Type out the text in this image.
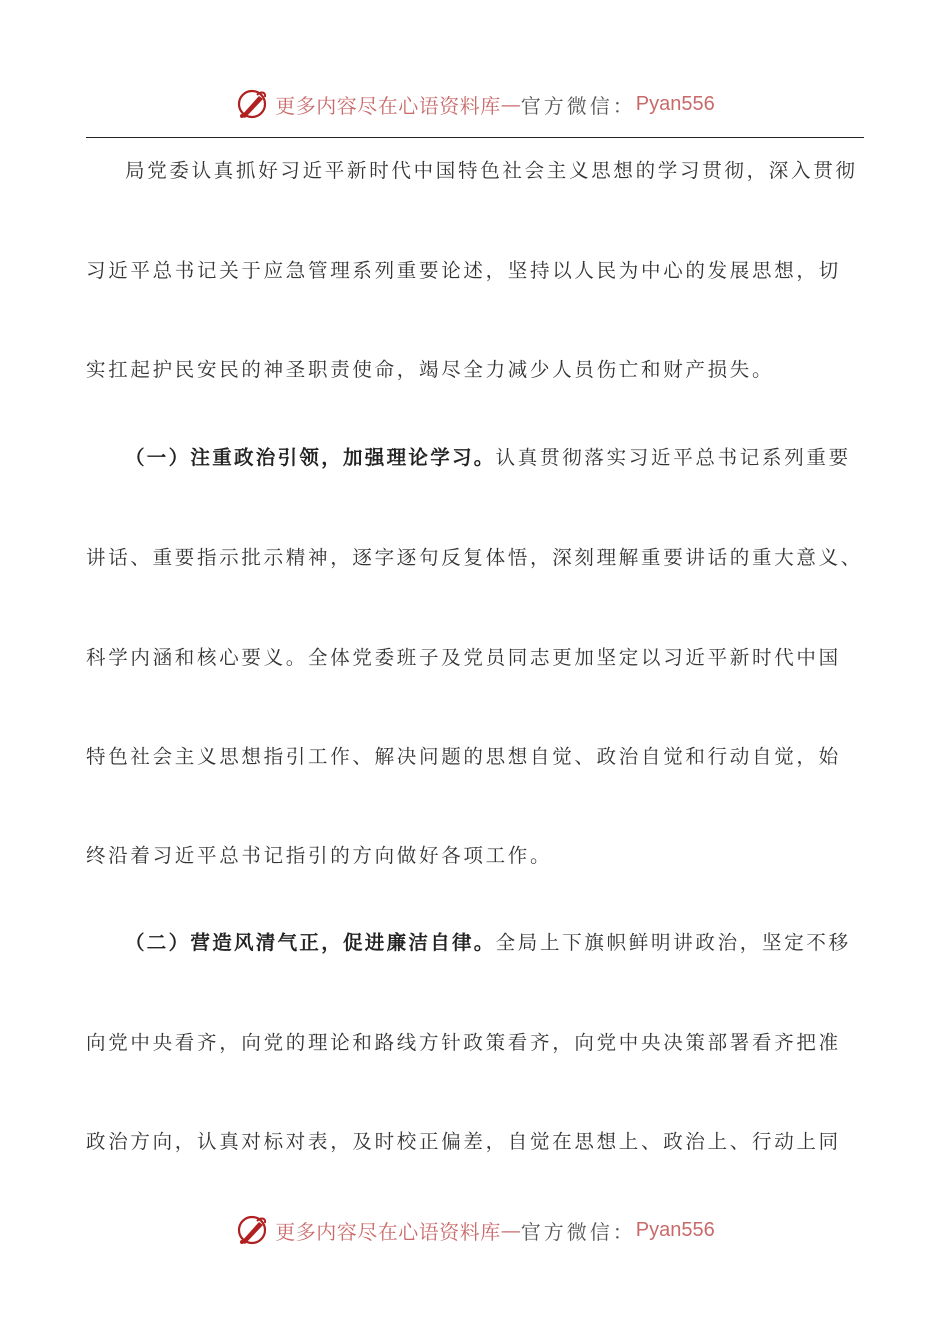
更多内容尽在心语资料库 — 官方微信： Pyan556
局党委认真抓好习近平新时代中国特色社会主义思想的学习贯彻，深入贯彻
习近平总书记关于应急管理系列重要论述，坚持以人民为中心的发展思想，切
实扛起护民安民的神圣职责使命，竭尽全力减少人员伤亡和财产损失。
（一）注重政治引领，加强理论学习。认真贯彻落实习近平总书记系列重要
讲话、重要指示批示精神，逐字逐句反复体悟，深刻理解重要讲话的重大意义、
科学内涵和核心要义。全体党委班子及党员同志更加坚定以习近平新时代中国
特色社会主义思想指引工作、解决问题的思想自觉、政治自觉和行动自觉，始
终沿着习近平总书记指引的方向做好各项工作。
（二）营造风清气正，促进廉洁自律。全局上下旗帜鲜明讲政治，坚定不移
向党中央看齐，向党的理论和路线方针政策看齐，向党中央决策部署看齐把准
政治方向，认真对标对表，及时校正偏差，自觉在思想上、政治上、行动上同
更多内容尽在心语资料库 — 官方微信： Pyan556
